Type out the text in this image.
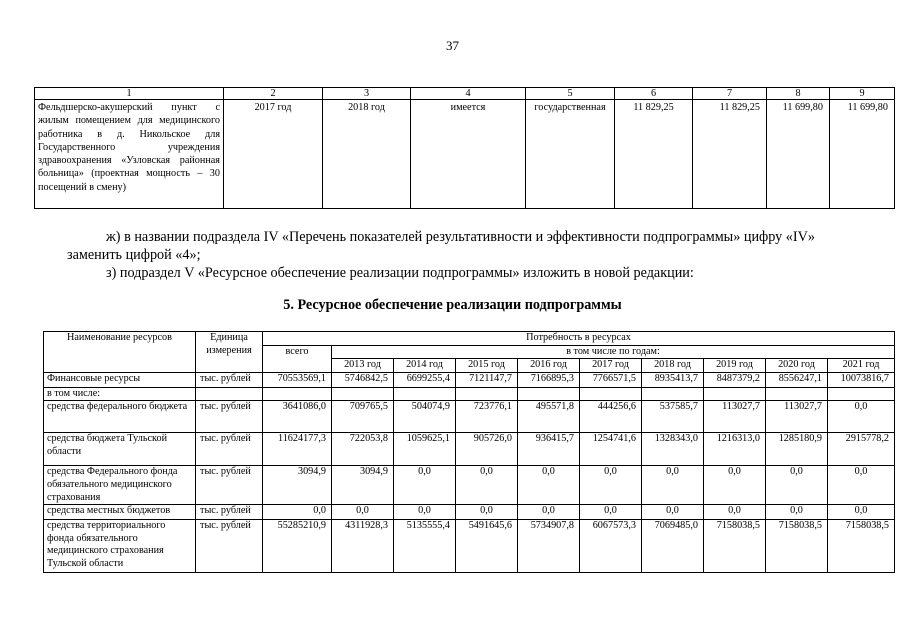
37
1	2	3	4	5	6	7	8	9
Фельдшерско-акушерский пункт с жилым помещением для медицинского работника в д. Никольское для Государственного учреждения здравоохранения «Узловская районная больница» (проектная мощность – 30 посещений в смену)	2017 год	2018 год	имеется	государственная	11 829,25	11 829,25	11 699,80	11 699,80
ж) в названии подраздела IV «Перечень показателей результативности и эффективности подпрограммы» цифру «IV» заменить цифрой «4»;
з) подраздел V «Ресурсное обеспечение реализации подпрограммы» изложить в новой редакции:
5. Ресурсное обеспечение реализации подпрограммы
Наименование ресурсов	Единица измерения	Потребность в ресурсах									
		всего	в том числе по годам:								
			2013 год	2014 год	2015 год	2016 год	2017 год	2018 год	2019 год	2020 год	2021 год
Финансовые ресурсы	тыс. рублей	70553569,1	5746842,5	6699255,4	7121147,7	7166895,3	7766571,5	8935413,7	8487379,2	8556247,1	10073816,7
в том числе:											
средства федерального бюджета	тыс. рублей	3641086,0	709765,5	504074,9	723776,1	495571,8	444256,6	537585,7	113027,7	113027,7	0,0
средства бюджета Тульской области	тыс. рублей	11624177,3	722053,8	1059625,1	905726,0	936415,7	1254741,6	1328343,0	1216313,0	1285180,9	2915778,2
средства Федерального фонда обязательного медицинского страхования	тыс. рублей	3094,9	3094,9	0,0	0,0	0,0	0,0	0,0	0,0	0,0	0,0
средства местных бюджетов	тыс. рублей	0,0	0,0	0,0	0,0	0,0	0,0	0,0	0,0	0,0	0,0
средства территориального фонда обязательного медицинского страхования Тульской области	тыс. рублей	55285210,9	4311928,3	5135555,4	5491645,6	5734907,8	6067573,3	7069485,0	7158038,5	7158038,5	7158038,5
